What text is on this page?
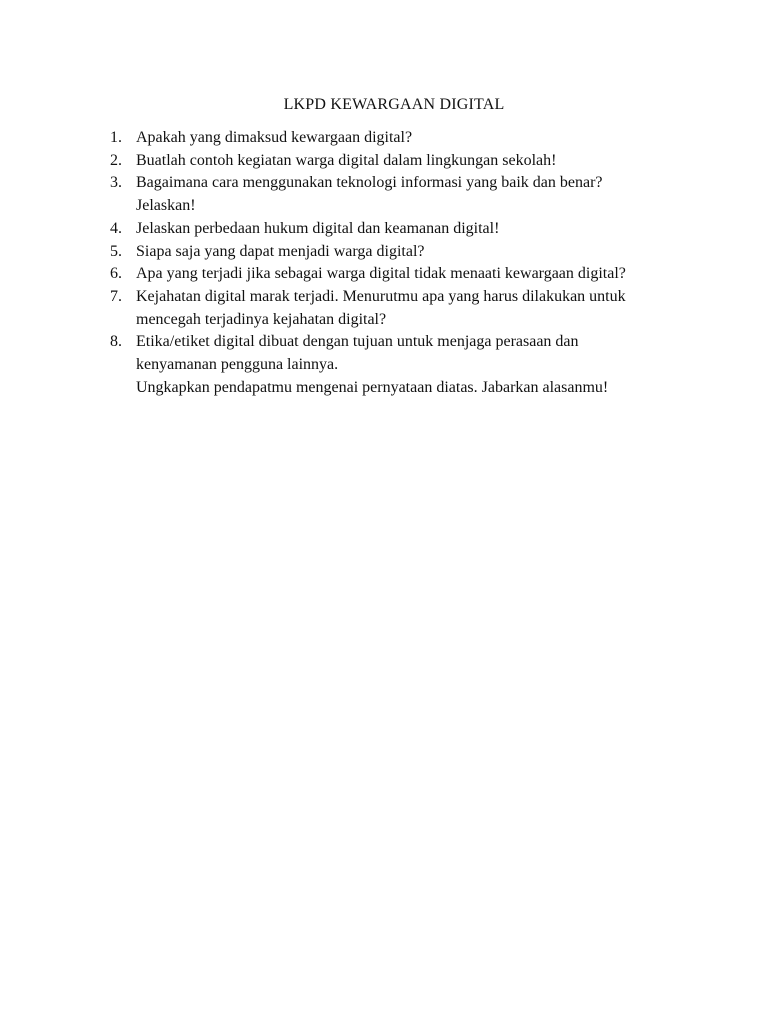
LKPD KEWARGAAN DIGITAL
1. Apakah yang dimaksud kewargaan digital?
2. Buatlah contoh kegiatan warga digital dalam lingkungan sekolah!
3. Bagaimana cara menggunakan teknologi informasi yang baik dan benar?
Jelaskan!
4. Jelaskan perbedaan hukum digital dan keamanan digital!
5. Siapa saja yang dapat menjadi warga digital?
6. Apa yang terjadi jika sebagai warga digital tidak menaati kewargaan digital?
7. Kejahatan digital marak terjadi. Menurutmu apa yang harus dilakukan untuk
mencegah terjadinya kejahatan digital?
8. Etika/etiket digital dibuat dengan tujuan untuk menjaga perasaan dan
kenyamanan pengguna lainnya.
Ungkapkan pendapatmu mengenai pernyataan diatas. Jabarkan alasanmu!
